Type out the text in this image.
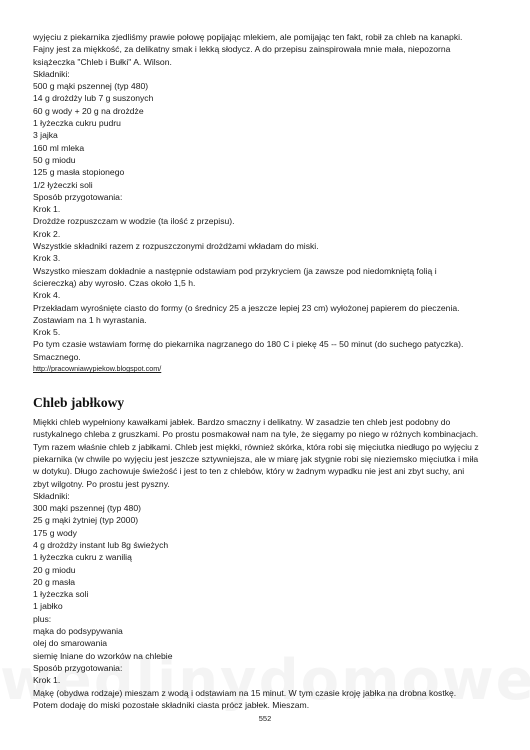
wyjęciu z piekarnika zjedliśmy prawie połowę popijając mlekiem, ale pomijając ten fakt, robił za chleb na kanapki.
Fajny jest za miękkość, za delikatny smak i lekką słodycz. A do przepisu zainspirowała mnie mała, niepozorna
książeczka "Chleb i Bułki" A. Wilson.
Składniki:
500 g mąki pszennej (typ 480)
14 g drożdży lub 7 g suszonych
60 g wody + 20 g na drożdże
1 łyżeczka cukru pudru
3 jajka
160 ml mleka
50 g miodu
125 g masła stopionego
1/2 łyżeczki soli
Sposób przygotowania:
Krok 1.
Drożdże rozpuszczam w wodzie (ta ilość z przepisu).
Krok 2.
Wszystkie składniki razem z rozpuszczonymi drożdżami wkładam do miski.
Krok 3.
Wszystko mieszam dokładnie a następnie odstawiam pod przykryciem (ja zawsze pod niedomkniętą folią i
ściereczką) aby wyrosło. Czas około 1,5 h.
Krok 4.
Przekładam wyrośnięte ciasto do formy (o średnicy 25 a jeszcze lepiej 23 cm) wyłożonej papierem do pieczenia.
Zostawiam na 1 h wyrastania.
Krok 5.
Po tym czasie wstawiam formę do piekarnika nagrzanego do 180 C i piekę 45 -- 50 minut (do suchego patyczka).
Smacznego.
http://pracowniawypiekow.blogspot.com/
Chleb jabłkowy
Miękki chleb wypełniony kawałkami jabłek. Bardzo smaczny i delikatny. W zasadzie ten chleb jest podobny do
rustykalnego chleba z gruszkami. Po prostu posmakował nam na tyle, że sięgamy po niego w różnych kombinacjach.
Tym razem właśnie chleb z jabłkami. Chleb jest miękki, również skórka, która robi się mięciutka niedługo po wyjęciu z
piekarnika (w chwile po wyjęciu jest jeszcze sztywniejsza, ale w miarę jak stygnie robi się nieziemsko mięciutka i miła
w dotyku). Długo zachowuje świeżość i jest to ten z chlebów, który w żadnym wypadku nie jest ani zbyt suchy, ani
zbyt wilgotny. Po prostu jest pyszny.
Składniki:
300 mąki pszennej (typ 480)
25 g mąki żytniej (typ 2000)
175 g wody
4 g drożdży instant lub 8g świeżych
1 łyżeczka cukru z wanilią
20 g miodu
20 g masła
1 łyżeczka soli
1 jabłko
plus:
mąka do podsypywania
olej do smarowania
siemię lniane do wzorków na chlebie
Sposób przygotowania:
Krok 1.
Mąkę (obydwa rodzaje) mieszam z wodą i odstawiam na 15 minut. W tym czasie kroję jabłka na drobna kostkę.
Potem dodaję do miski pozostałe składniki ciasta prócz jabłek. Mieszam.
552
